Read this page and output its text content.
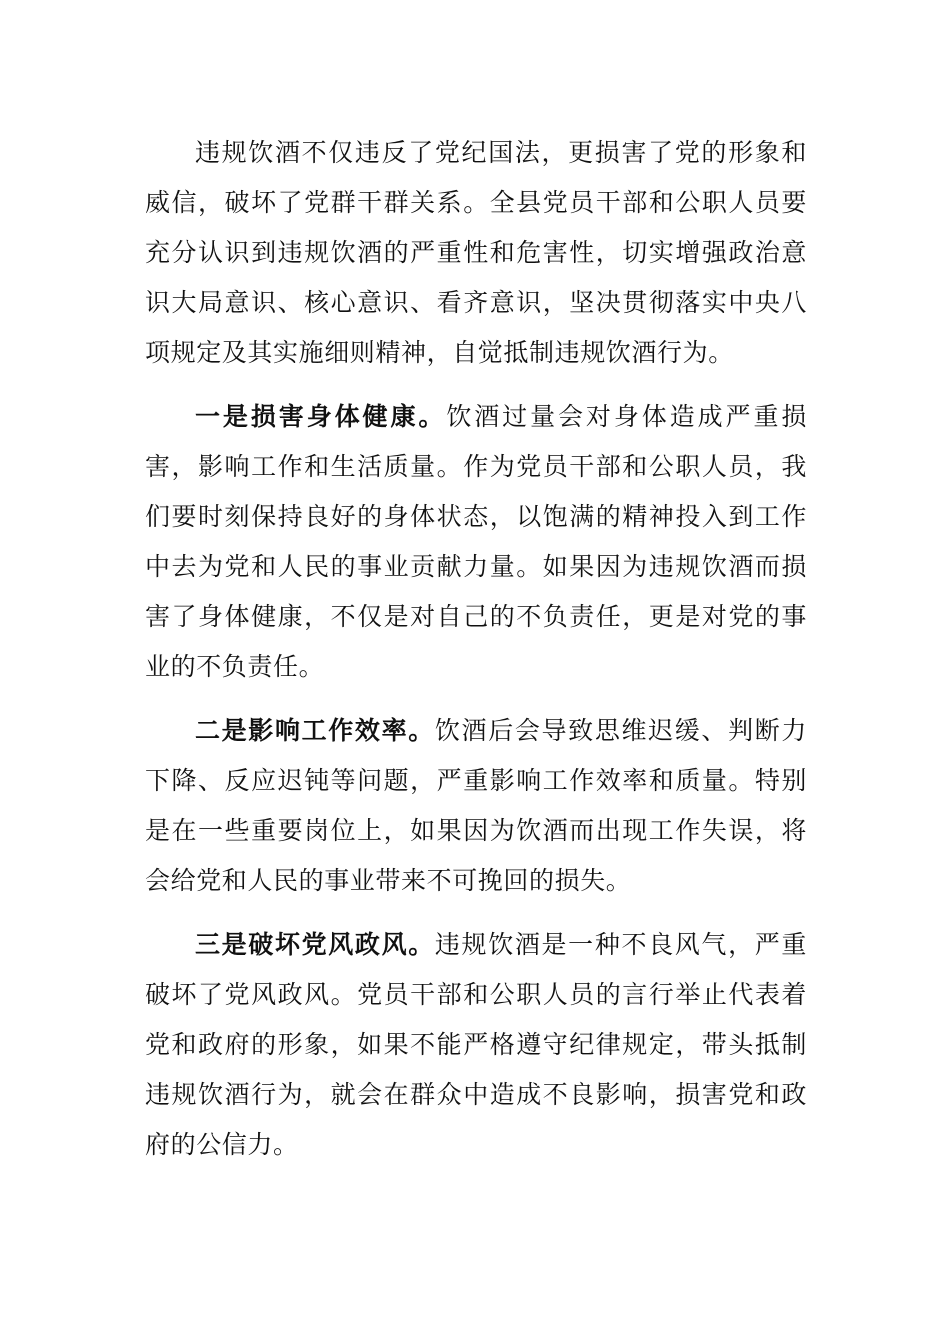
违规饮酒不仅违反了党纪国法，更损害了党的形象和威信，破坏了党群干群关系。全县党员干部和公职人员要充分认识到违规饮酒的严重性和危害性，切实增强政治意识大局意识、核心意识、看齐意识，坚决贯彻落实中央八项规定及其实施细则精神，自觉抵制违规饮酒行为。

一是损害身体健康。饮酒过量会对身体造成严重损害，影响工作和生活质量。作为党员干部和公职人员，我们要时刻保持良好的身体状态，以饱满的精神投入到工作中去为党和人民的事业贡献力量。如果因为违规饮酒而损害了身体健康，不仅是对自己的不负责任，更是对党的事业的不负责任。

二是影响工作效率。饮酒后会导致思维迟缓、判断力下降、反应迟钝等问题，严重影响工作效率和质量。特别是在一些重要岗位上，如果因为饮酒而出现工作失误，将会给党和人民的事业带来不可挽回的损失。

三是破坏党风政风。违规饮酒是一种不良风气，严重破坏了党风政风。党员干部和公职人员的言行举止代表着党和政府的形象，如果不能严格遵守纪律规定，带头抵制违规饮酒行为，就会在群众中造成不良影响，损害党和政府的公信力。
